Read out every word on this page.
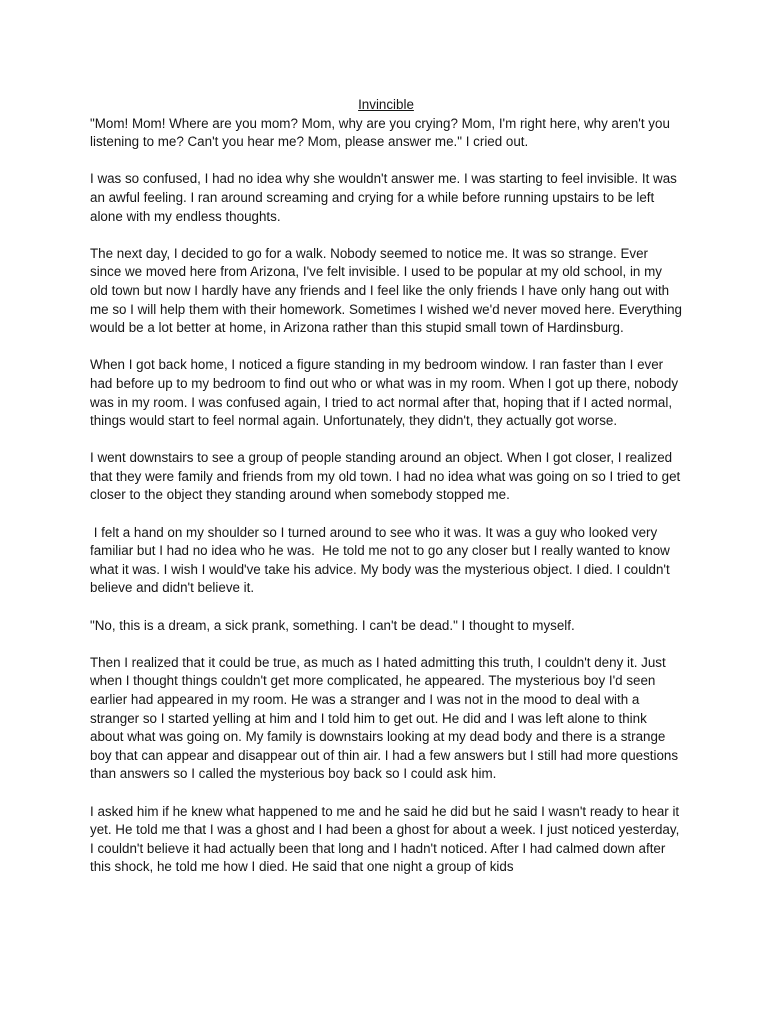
Invincible

"Mom! Mom! Where are you mom? Mom, why are you crying? Mom, I'm right here, why aren't you listening to me? Can't you hear me? Mom, please answer me." I cried out.

I was so confused, I had no idea why she wouldn't answer me. I was starting to feel invisible. It was an awful feeling. I ran around screaming and crying for a while before running upstairs to be left alone with my endless thoughts.

The next day, I decided to go for a walk. Nobody seemed to notice me. It was so strange. Ever since we moved here from Arizona, I've felt invisible. I used to be popular at my old school, in my old town but now I hardly have any friends and I feel like the only friends I have only hang out with me so I will help them with their homework. Sometimes I wished we'd never moved here. Everything would be a lot better at home, in Arizona rather than this stupid small town of Hardinsburg.

When I got back home, I noticed a figure standing in my bedroom window. I ran faster than I ever had before up to my bedroom to find out who or what was in my room. When I got up there, nobody was in my room. I was confused again, I tried to act normal after that, hoping that if I acted normal, things would start to feel normal again. Unfortunately, they didn't, they actually got worse.

I went downstairs to see a group of people standing around an object. When I got closer, I realized that they were family and friends from my old town. I had no idea what was going on so I tried to get closer to the object they standing around when somebody stopped me.

I felt a hand on my shoulder so I turned around to see who it was. It was a guy who looked very familiar but I had no idea who he was.  He told me not to go any closer but I really wanted to know what it was. I wish I would've take his advice. My body was the mysterious object. I died. I couldn't believe and didn't believe it.

"No, this is a dream, a sick prank, something. I can't be dead." I thought to myself.

Then I realized that it could be true, as much as I hated admitting this truth, I couldn't deny it. Just when I thought things couldn't get more complicated, he appeared. The mysterious boy I'd seen earlier had appeared in my room. He was a stranger and I was not in the mood to deal with a stranger so I started yelling at him and I told him to get out. He did and I was left alone to think about what was going on. My family is downstairs looking at my dead body and there is a strange boy that can appear and disappear out of thin air. I had a few answers but I still had more questions than answers so I called the mysterious boy back so I could ask him.

I asked him if he knew what happened to me and he said he did but he said I wasn't ready to hear it yet. He told me that I was a ghost and I had been a ghost for about a week. I just noticed yesterday, I couldn't believe it had actually been that long and I hadn't noticed. After I had calmed down after this shock, he told me how I died. He said that one night a group of kids
